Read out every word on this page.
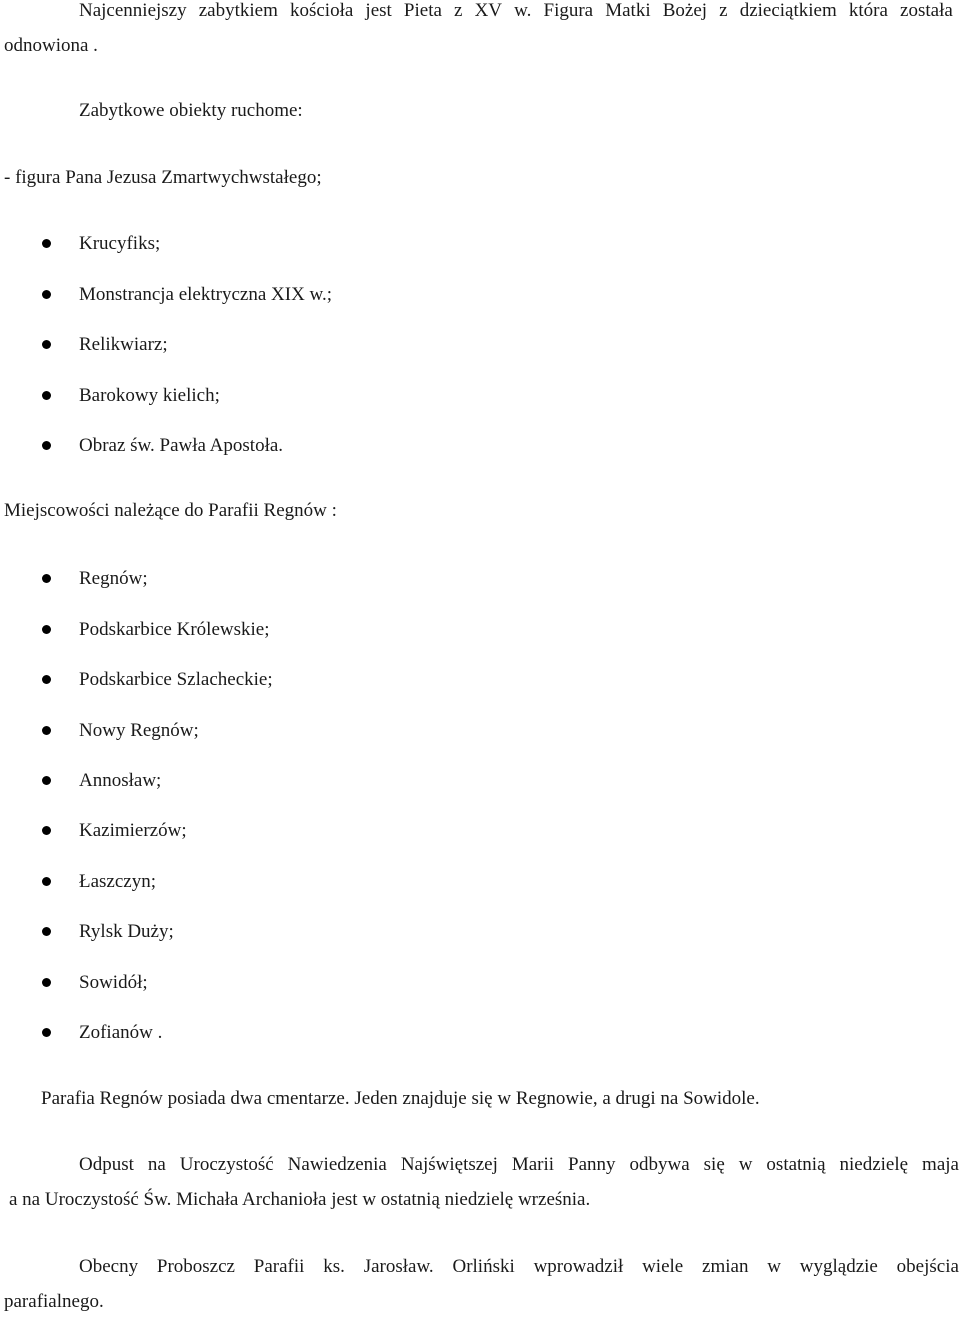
Najcenniejszy zabytkiem kościoła jest Pieta z XV w. Figura Matki Bożej z dzieciątkiem która została
odnowiona .
Zabytkowe obiekty ruchome:
- figura Pana Jezusa Zmartwychwstałego;
Krucyfiks;
Monstrancja elektryczna XIX w.;
Relikwiarz;
Barokowy kielich;
Obraz św. Pawła Apostoła.
Miejscowości należące do Parafii Regnów :
Regnów;
Podskarbice Królewskie;
Podskarbice Szlacheckie;
Nowy Regnów;
Annosław;
Kazimierzów;
Łaszczyn;
Rylsk Duży;
Sowidół;
Zofianów .
Parafia Regnów posiada dwa cmentarze. Jeden znajduje się w Regnowie, a drugi na Sowidole.
Odpust na Uroczystość Nawiedzenia Najświętszej Marii Panny odbywa się w ostatnią niedzielę maja
a na Uroczystość Św. Michała Archanioła jest w ostatnią niedzielę września.
Obecny Proboszcz Parafii ks. Jarosław. Orliński wprowadził wiele zmian w wyglądzie obejścia
parafialnego.
